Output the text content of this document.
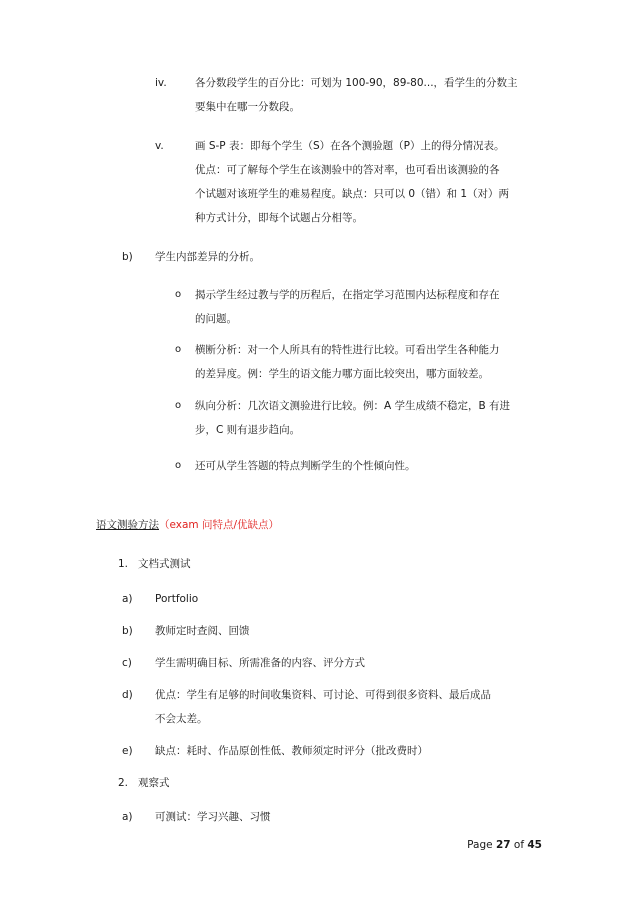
iv.	各分数段学生的百分比：可划为 100-90，89-80...，看学生的分数主
要集中在哪一分数段。
v.	画 S-P 表：即每个学生（S）在各个测验题（P）上的得分情况表。
优点：可了解每个学生在该测验中的答对率，也可看出该测验的各
个试题对该班学生的难易程度。缺点：只可以 0（错）和 1（对）两
种方式计分，即每个试题占分相等。
b) 学生内部差异的分析。
o 揭示学生经过教与学的历程后，在指定学习范围内达标程度和存在
的问题。
o 横断分析：对一个人所具有的特性进行比较。可看出学生各种能力
的差异度。例：学生的语文能力哪方面比较突出，哪方面较差。
o 纵向分析：几次语文测验进行比较。例：A 学生成绩不稳定，B 有进
步，C 则有退步趋向。
o 还可从学生答题的特点判断学生的个性倾向性。
语文测验方法（exam 问特点/优缺点）
1. 文档式测试
a) Portfolio
b) 教师定时查阅、回馈
c) 学生需明确目标、所需准备的内容、评分方式
d) 优点：学生有足够的时间收集资料、可讨论、可得到很多资料、最后成品
不会太差。
e) 缺点：耗时、作品原创性低、教师须定时评分（批改费时）
2. 观察式
a) 可测试：学习兴趣、习惯
Page 27 of 45
